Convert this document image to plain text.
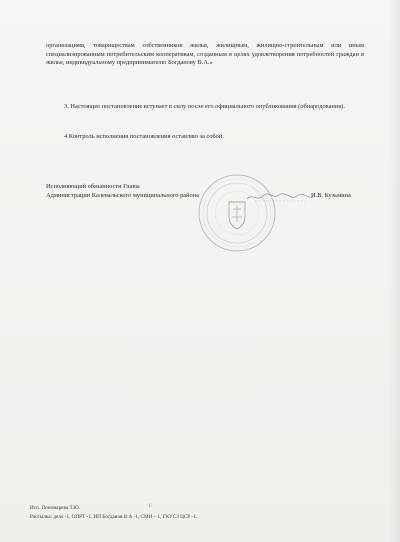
организациям, товариществам собственников жилья, жилищным, жилищно-строительным или иным специализированным потребительским кооперативам, созданным в целях удовлетворения потребностей граждан в жилье, индивидуальному предпринимателю Богданову В.А.»
3. Настоящее постановление вступает в силу после его официального опубликования (обнародования).
4 Контроль исполнения постановления оставляю за собой.
Исполняющий обязанности Главы
Администрации Калевальского муниципального района	И.В. Кузьмина
1/
Исп. Пономарева Т.Ю.
Рассылка: дело -1, ОПРТ -1, ИП Богданов В.А -1, СМИ – 1, ГКУСЗ ЦСР -1.
